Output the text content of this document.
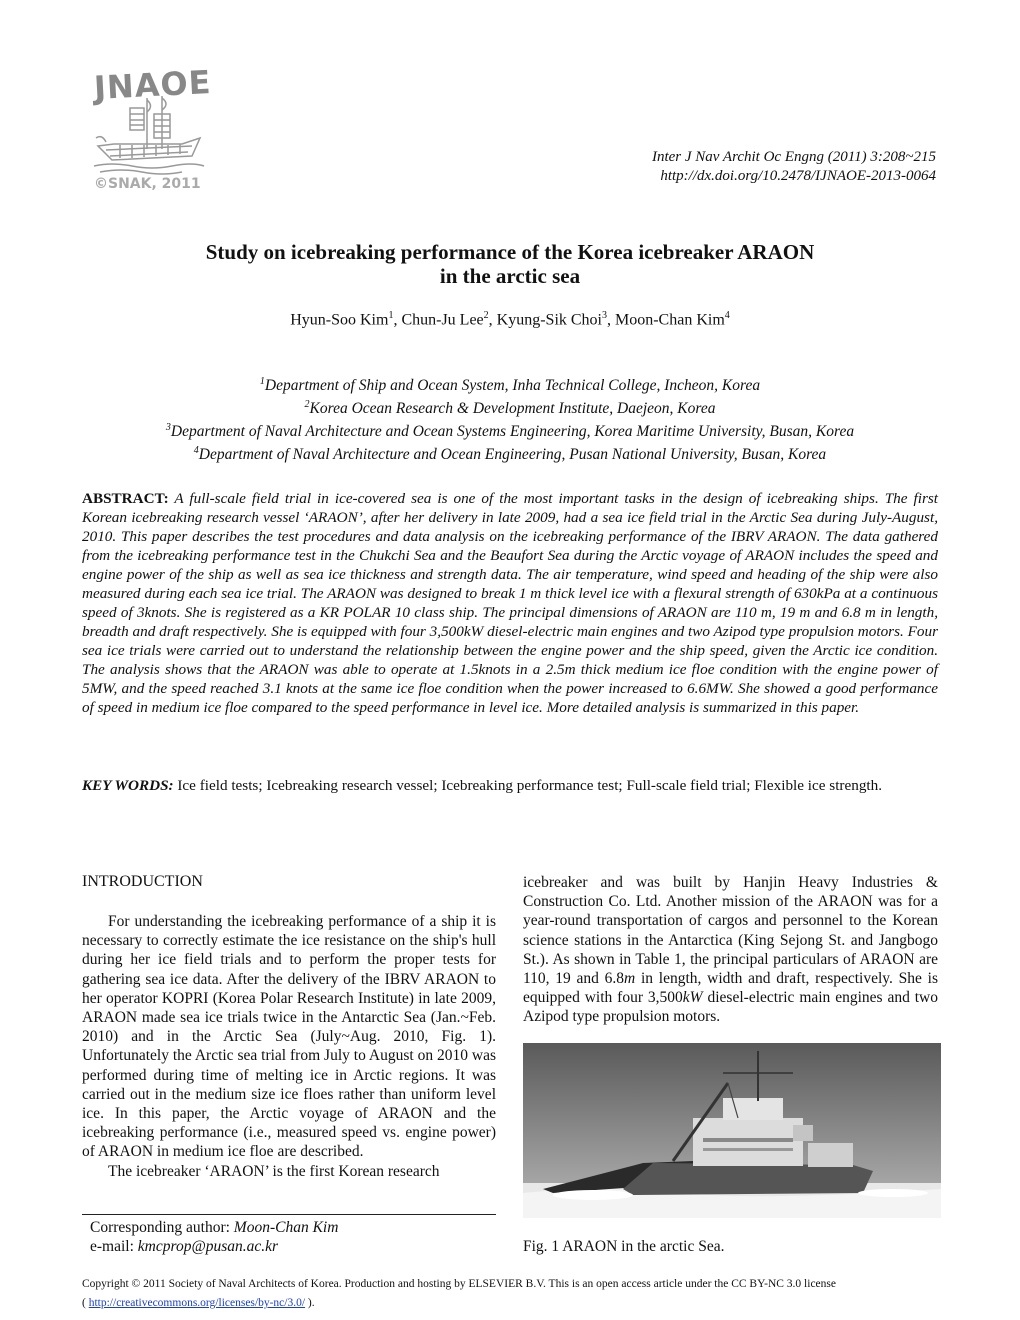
JNAOE
©SNAK, 2011
Inter J Nav Archit Oc Engng (2011) 3:208~215
http://dx.doi.org/10.2478/IJNAOE-2013-0064
Study on icebreaking performance of the Korea icebreaker ARAON
in the arctic sea
Hyun-Soo Kim$^1$, Chun-Ju Lee$^2$, Kyung-Sik Choi$^3$, Moon-Chan Kim$^4$
$^1$Department of Ship and Ocean System, Inha Technical College, Incheon, Korea
$^2$Korea Ocean Research & Development Institute, Daejeon, Korea
$^3$Department of Naval Architecture and Ocean Systems Engineering, Korea Maritime University, Busan, Korea
$^4$Department of Naval Architecture and Ocean Engineering, Pusan National University, Busan, Korea
ABSTRACT: A full-scale field trial in ice-covered sea is one of the most important tasks in the design of icebreaking ships. The first Korean icebreaking research vessel ‘ARAON’, after her delivery in late 2009, had a sea ice field trial in the Arctic Sea during July-August, 2010. This paper describes the test procedures and data analysis on the icebreaking performance of the IBRV ARAON. The data gathered from the icebreaking performance test in the Chukchi Sea and the Beaufort Sea during the Arctic voyage of ARAON includes the speed and engine power of the ship as well as sea ice thickness and strength data. The air temperature, wind speed and heading of the ship were also measured during each sea ice trial. The ARAON was designed to break 1 m thick level ice with a flexural strength of 630kPa at a continuous speed of 3knots. She is registered as a KR POLAR 10 class ship. The principal dimensions of ARAON are 110 m, 19 m and 6.8 m in length, breadth and draft respectively. She is equipped with four 3,500kW diesel-electric main engines and two Azipod type propulsion motors. Four sea ice trials were carried out to understand the relationship between the engine power and the ship speed, given the Arctic ice condition. The analysis shows that the ARAON was able to operate at 1.5knots in a 2.5m thick medium ice floe condition with the engine power of 5MW, and the speed reached 3.1 knots at the same ice floe condition when the power increased to 6.6MW. She showed a good performance of speed in medium ice floe compared to the speed performance in level ice. More detailed analysis is summarized in this paper.
KEY WORDS: Ice field tests; Icebreaking research vessel; Icebreaking performance test; Full-scale field trial; Flexible ice strength.
INTRODUCTION

For understanding the icebreaking performance of a ship it is necessary to correctly estimate the ice resistance on the ship's hull during her ice field trials and to perform the proper tests for gathering sea ice data. After the delivery of the IBRV ARAON to her operator KOPRI (Korea Polar Research Institute) in late 2009, ARAON made sea ice trials twice in the Antarctic Sea (Jan.~Feb. 2010) and in the Arctic Sea (July~Aug. 2010, Fig. 1). Unfortunately the Arctic sea trial from July to August on 2010 was performed during time of melting ice in Arctic regions. It was carried out in the medium size ice floes rather than uniform level ice. In this paper, the Arctic voyage of ARAON and the icebreaking performance (i.e., measured speed vs. engine power) of ARAON in medium ice floe are described.

The icebreaker ‘ARAON’ is the first Korean research

icebreaker and was built by Hanjin Heavy Industries & Construction Co. Ltd. Another mission of the ARAON was for a year-round transportation of cargos and personnel to the Korean science stations in the Antarctica (King Sejong St. and Jangbogo St.). As shown in Table 1, the principal particulars of ARAON are 110, 19 and 6.8m in length, width and draft, respectively. She is equipped with four 3,500kW diesel-electric main engines and two Azipod type propulsion motors.
Fig. 1 ARAON in the arctic Sea.
Corresponding author: Moon-Chan Kim
e-mail: kmcprop@pusan.ac.kr
Copyright © 2011 Society of Naval Architects of Korea. Production and hosting by ELSEVIER B.V. This is an open access article under the CC BY-NC 3.0 license
( http://creativecommons.org/licenses/by-nc/3.0/ ).
